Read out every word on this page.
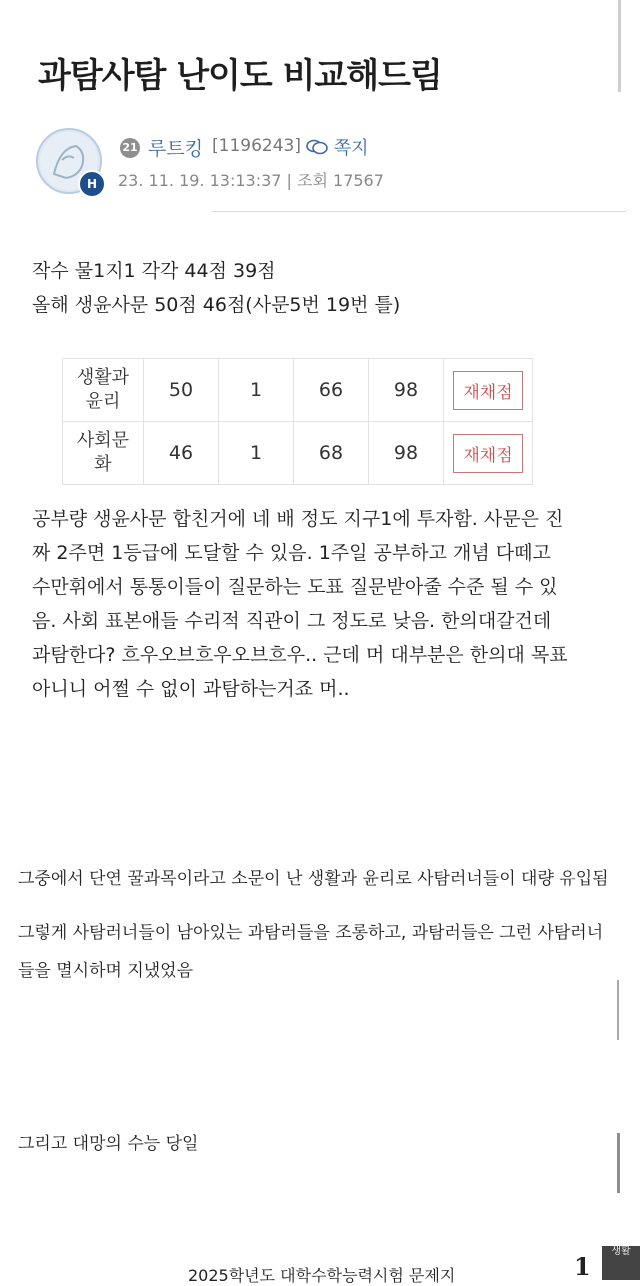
과탐사탐 난이도 비교해드림
H
21 루트킹 [1196243]	쪽지
23. 11. 19. 13:13:37 | 조회 17567
작수 물1지1 각각 44점 39점
올해 생윤사문 50점 46점(사문5번 19번 틀)
생활과
윤리	50	1	66	98	재채점
사회문
화	46	1	68	98	재채점
공부량 생윤사문 합친거에 네 배 정도 지구1에 투자함. 사문은 진
짜 2주면 1등급에 도달할 수 있음. 1주일 공부하고 개념 다떼고
수만휘에서 통통이들이 질문하는 도표 질문받아줄 수준 될 수 있
음. 사회 표본애들 수리적 직관이 그 정도로 낮음. 한의대갈건데
과탐한다? 흐우오브흐우오브흐우.. 근데 머 대부분은 한의대 목표
아니니 어쩔 수 없이 과탐하는거죠 머..
그중에서 단연 꿀과목이라고 소문이 난 생활과 윤리로 사탐러너들이 대량 유입됨
그렇게 사탐러너들이 남아있는 과탐러들을 조롱하고, 과탐러들은 그런 사탐러너
들을 멸시하며 지냈었음
그리고 대망의 수능 당일
2025학년도 대학수학능력시험 문제지	1
생활
